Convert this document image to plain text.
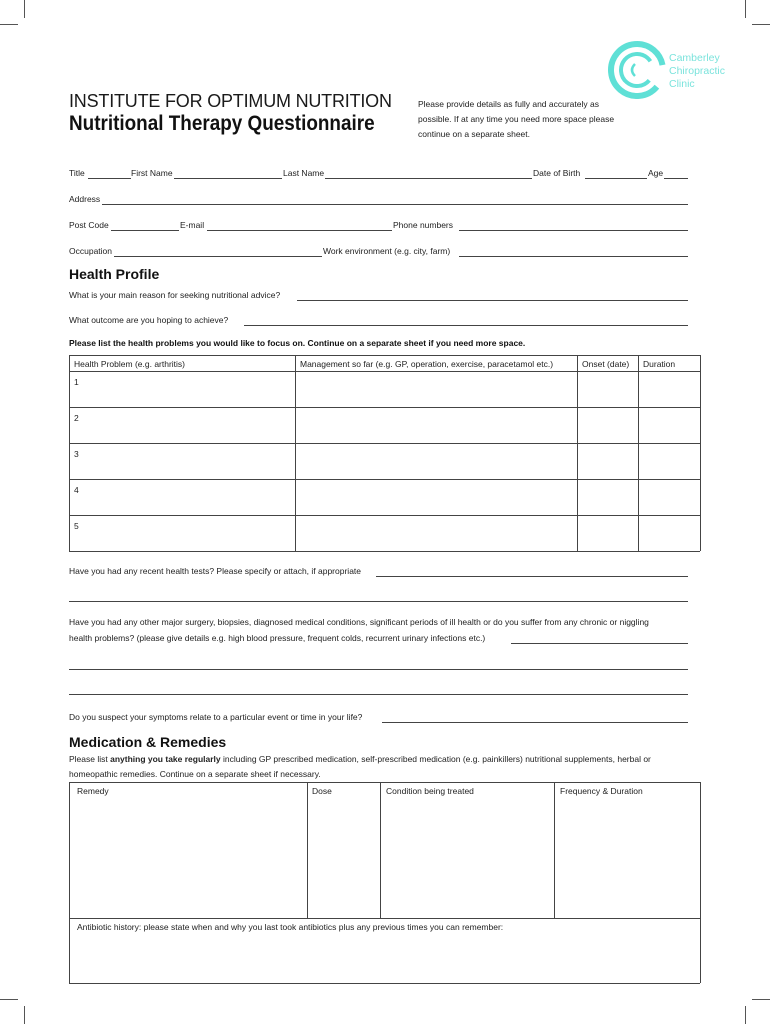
Camberley
Chiropractic
Clinic
INSTITUTE FOR OPTIMUM NUTRITION
Nutritional Therapy Questionnaire
Please provide details as fully and accurately as possible. If at any time you need more space please continue on a separate sheet.
Title	First Name	Last Name	Date of Birth	Age
Address
Post Code	E-mail	Phone numbers
Occupation	Work environment (e.g. city, farm)
Health Profile
What is your main reason for seeking nutritional advice?
What outcome are you hoping to achieve?
Please list the health problems you would like to focus on. Continue on a separate sheet if you need more space.
Health Problem (e.g. arthritis)	Management so far (e.g. GP, operation, exercise, paracetamol etc.)	Onset (date) Duration
1
2
3
4
5
Have you had any recent health tests? Please specify or attach, if appropriate
Have you had any other major surgery, biopsies, diagnosed medical conditions, significant periods of ill health or do you suffer from any chronic or niggling
health problems? (please give details e.g. high blood pressure, frequent colds, recurrent urinary infections etc.)
Do you suspect your symptoms relate to a particular event or time in your life?
Medication & Remedies
Please list anything you take regularly including GP prescribed medication, self-prescribed medication (e.g. painkillers) nutritional supplements, herbal or
homeopathic remedies. Continue on a separate sheet if necessary.
Remedy	Dose	Condition being treated	Frequency & Duration
Antibiotic history: please state when and why you last took antibiotics plus any previous times you can remember:
